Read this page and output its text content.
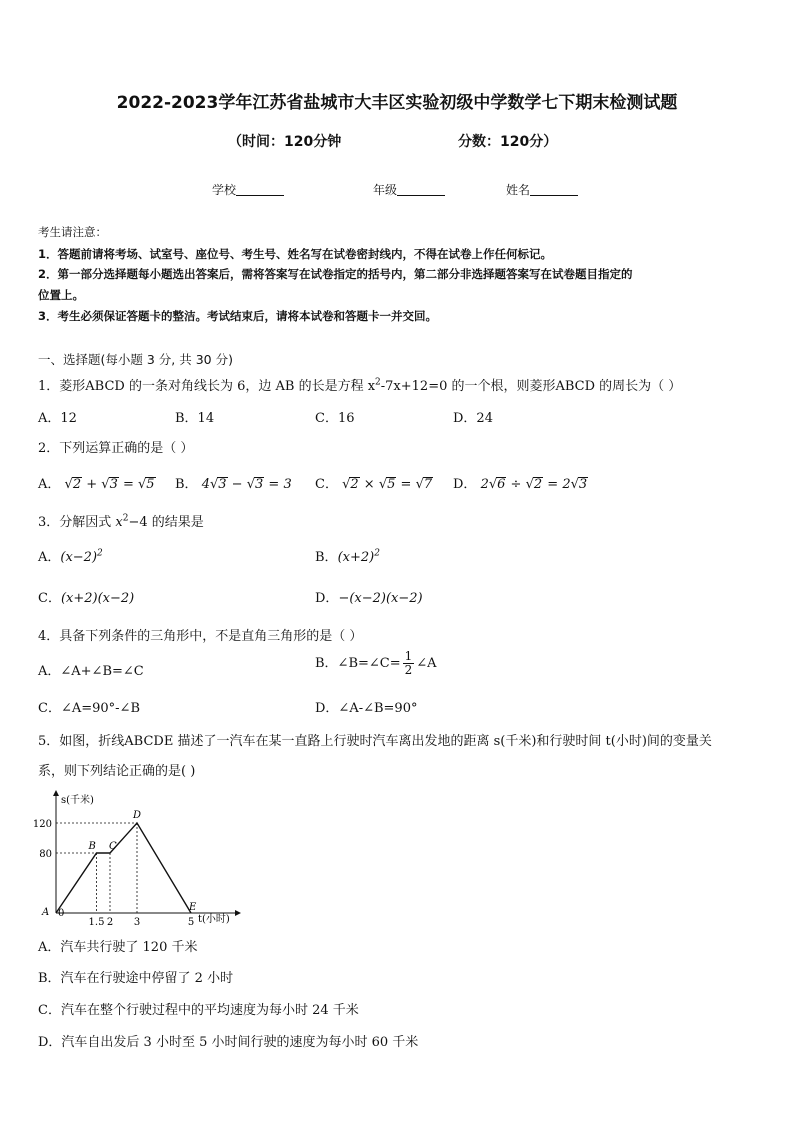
2022-2023学年江苏省盐城市大丰区实验初级中学数学七下期末检测试题
（时间：120分钟	分数：120分）
学校	年级	姓名
考生请注意：
1．答题前请将考场、试室号、座位号、考生号、姓名写在试卷密封线内，不得在试卷上作任何标记。
2．第一部分选择题每小题选出答案后，需将答案写在试卷指定的括号内，第二部分非选择题答案写在试卷题目指定的
位置上。
3．考生必须保证答题卡的整洁。考试结束后，请将本试卷和答题卡一并交回。
一、选择题(每小题 3 分, 共 30 分)
1．菱形ABCD 的一条对角线长为 6，边 AB 的长是方程 $x^2-7x+12=0$ 的一个根，则菱形ABCD 的周长为（ ）
A．12	B．14	C．16	D．24
2．下列运算正确的是（ ）
A． √2 + √3 = √5 B． 4√3 − √3 = 3 C． √2 × √5 = √7 D． 2√6 ÷ √2 = 2√3
3．分解因式 $x^2-4$ 的结果是
A．$(x-2)^2$	B．$(x+2)^2$
C．(x+2)(x−2)	D．−(x−2)(x−2)
4．具备下列条件的三角形中，不是直角三角形的是（ ）
A．∠A+∠B=∠C
B．∠B=∠C= $\frac{1}{2}$ ∠A
C．∠A=90°-∠B	D．∠A-∠B=90°
5．如图，折线ABCDE 描述了一汽车在某一直路上行驶时汽车离出发地的距离 s(千米)和行驶时间 t(小时)间的变量关
系，则下列结论正确的是( )
s(千米)
t(小时)
120
80
1.5 2 3	5
0
A
B C
D
E
A．汽车共行驶了 120 千米
B．汽车在行驶途中停留了 2 小时
C．汽车在整个行驶过程中的平均速度为每小时 24 千米
D．汽车自出发后 3 小时至 5 小时间行驶的速度为每小时 60 千米
